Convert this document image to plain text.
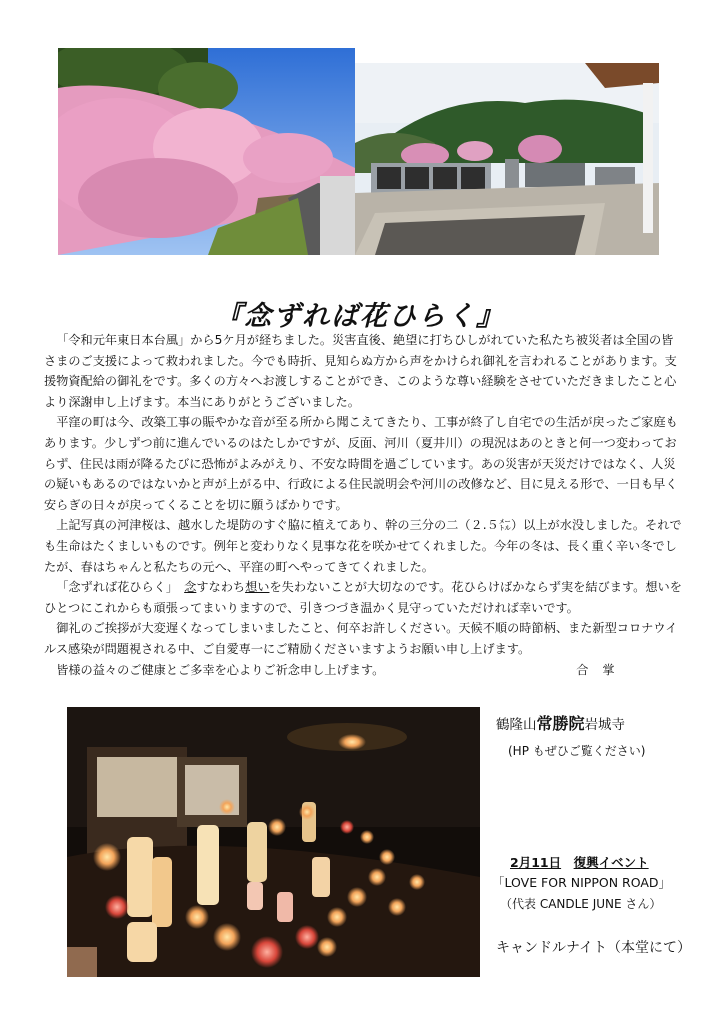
『念ずれば花ひらく』

「令和元年東日本台風」から5ケ月が経ちました。災害直後、絶望に打ちひしがれていた私たち被災者は全国の皆さまのご支援によって救われました。今でも時折、見知らぬ方から声をかけられ御礼を言われることがあります。支援物資配給の御礼をです。多くの方々へお渡しすることができ、このような尊い経験をさせていただきましたこと心より深謝申し上げます。本当にありがとうございました。

平窪の町は今、改築工事の賑やかな音が至る所から聞こえてきたり、工事が終了し自宅での生活が戻ったご家庭もあります。少しずつ前に進んでいるのはたしかですが、反面、河川（夏井川）の現況はあのときと何一つ変わっておらず、住民は雨が降るたびに恐怖がよみがえり、不安な時間を過ごしています。あの災害が天災だけではなく、人災の疑いもあるのではないかと声が上がる中、行政による住民説明会や河川の改修など、目に見える形で、一日も早く安らぎの日々が戻ってくることを切に願うばかりです。

上記写真の河津桜は、越水した堤防のすぐ脇に植えてあり、幹の三分の二（２.５㍍）以上が水没しました。それでも生命はたくましいものです。例年と変わりなく見事な花を咲かせてくれました。今年の冬は、長く重く辛い冬でしたが、春はちゃんと私たちの元へ、平窪の町へやってきてくれました。

「念ずれば花ひらく」　念すなわち想いを失わないことが大切なのです。花ひらけばかならず実を結びます。想いをひとつにこれからも頑張ってまいりますので、引きつづき温かく見守っていただければ幸いです。

御礼のご挨拶が大変遅くなってしまいましたこと、何卒お許しください。天候不順の時節柄、また新型コロナウイルス感染が問題視される中、ご自愛専一にご精励くださいますようお願い申し上げます。

皆様の益々のご健康とご多幸を心よりご祈念申し上げます。	合掌

鶴隆山常勝院岩城寺
(HP もぜひご覧ください)
2月11日　 復興イベント
「LOVE FOR NIPPON ROAD」
（代表 CANDLE JUNE さん）
キャンドルナイト（本堂にて）
